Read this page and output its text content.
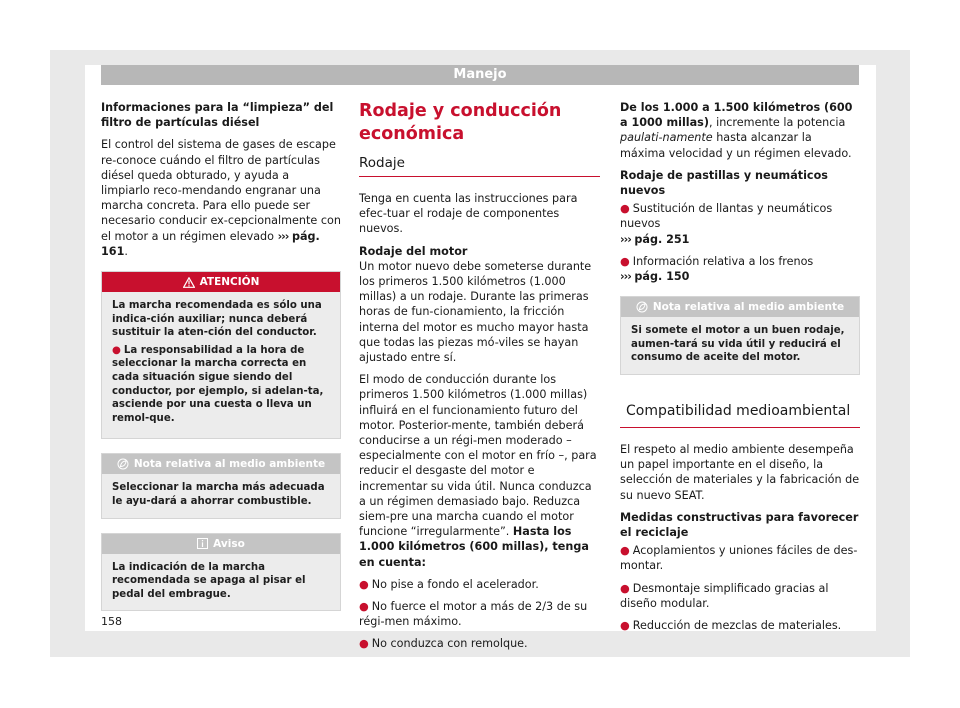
Manejo

Informaciones para la “limpieza” del filtro de partículas diésel

El control del sistema de gases de escape re-conoce cuándo el filtro de partículas diésel queda obturado, y ayuda a limpiarlo reco-mendando engranar una marcha concreta. Para ello puede ser necesario conducir ex-cepcionalmente con el motor a un régimen elevado ››› pág. 161.

ATENCIÓN

La marcha recomendada es sólo una indica-ción auxiliar; nunca deberá sustituir la aten-ción del conductor.

● La responsabilidad a la hora de seleccionar la marcha correcta en cada situación sigue siendo del conductor, por ejemplo, si adelan-ta, asciende por una cuesta o lleva un remol-que.

Nota relativa al medio ambiente
Seleccionar la marcha más adecuada le ayu-dará a ahorrar combustible.
Aviso
La indicación de la marcha recomendada se apaga al pisar el pedal del embrague.
Rodaje y conducción económica
Rodaje

Tenga en cuenta las instrucciones para efec-tuar el rodaje de componentes nuevos.

Rodaje del motor

Un motor nuevo debe someterse durante los primeros 1.500 kilómetros (1.000 millas) a un rodaje. Durante las primeras horas de fun-cionamiento, la fricción interna del motor es mucho mayor hasta que todas las piezas mó-viles se hayan ajustado entre sí.

El modo de conducción durante los primeros 1.500 kilómetros (1.000 millas) influirá en el funcionamiento futuro del motor. Posterior-mente, también deberá conducirse a un régi-men moderado – especialmente con el motor en frío –, para reducir el desgaste del motor e incrementar su vida útil. Nunca conduzca a un régimen demasiado bajo. Reduzca siem-pre una marcha cuando el motor funcione “irregularmente”. Hasta los 1.000 kilómetros (600 millas), tenga en cuenta:

● No pise a fondo el acelerador.

● No fuerce el motor a más de 2/3 de su régi-men máximo.

● No conduzca con remolque.

De los 1.000 a 1.500 kilómetros (600 a 1000 millas), incremente la potencia paulati-namente hasta alcanzar la máxima velocidad y un régimen elevado.

Rodaje de pastillas y neumáticos nuevos

● Sustitución de llantas y neumáticos nuevos
››› pág. 251

● Información relativa a los frenos
››› pág. 150

Nota relativa al medio ambiente
Si somete el motor a un buen rodaje, aumen-tará su vida útil y reducirá el consumo de aceite del motor.
Compatibilidad medioambiental

El respeto al medio ambiente desempeña un papel importante en el diseño, la selección de materiales y la fabricación de su nuevo SEAT.

Medidas constructivas para favorecer el reciclaje

● Acoplamientos y uniones fáciles de des-montar.

● Desmontaje simplificado gracias al diseño modular.

● Reducción de mezclas de materiales.

158
